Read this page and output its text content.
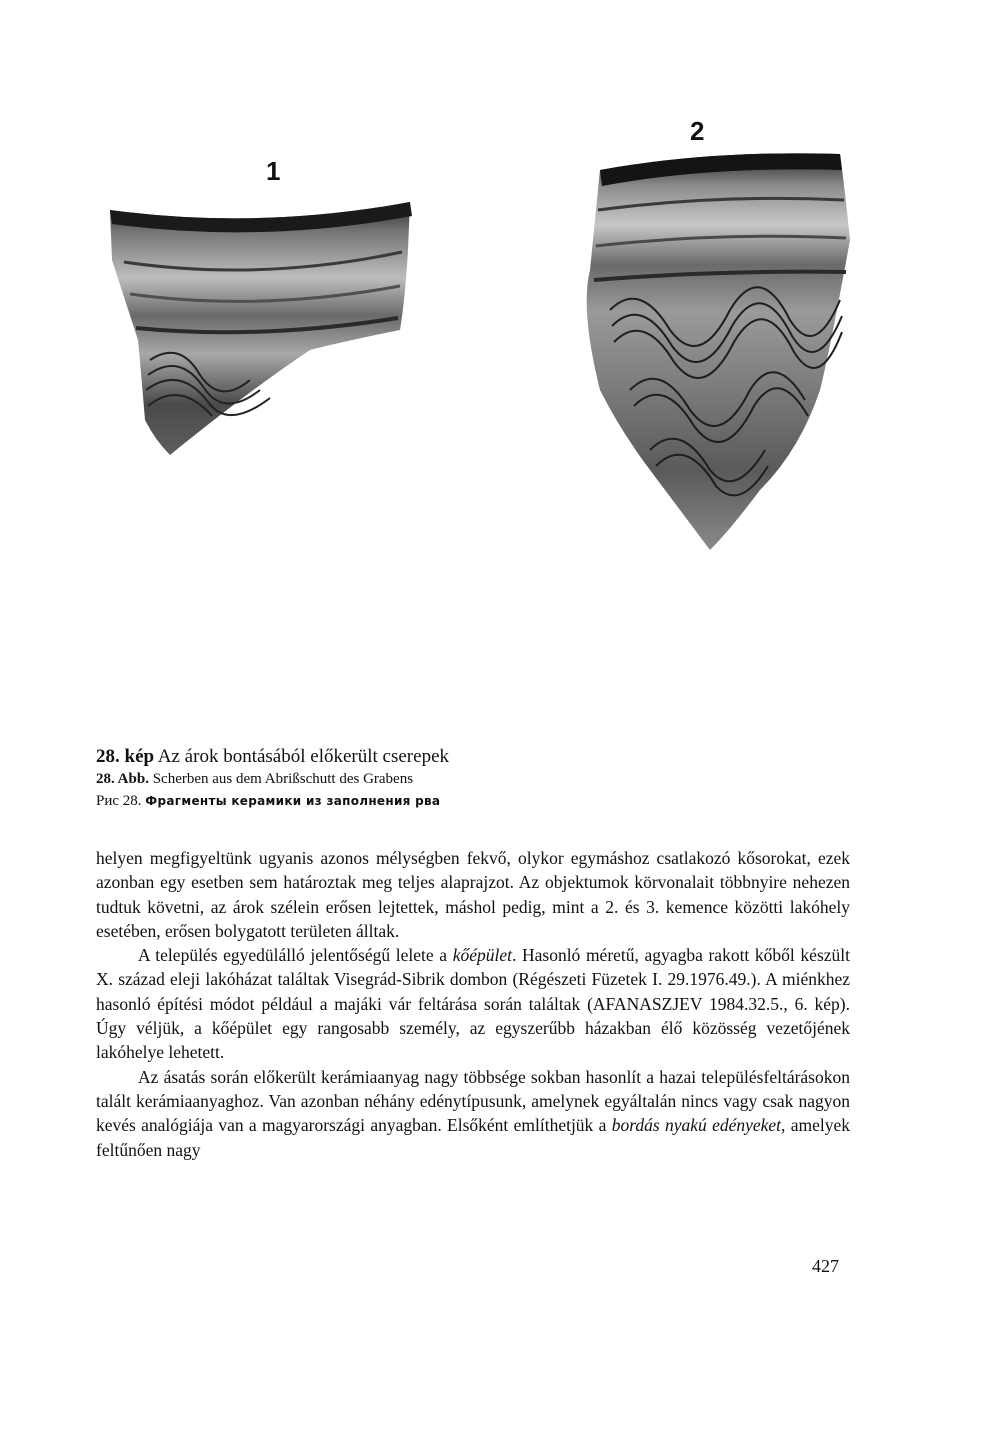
1
2
28. kép Az árok bontásából előkerült cserepek
28. Abb. Scherben aus dem Abrißschutt des Grabens
Рис 28. Фрагменты керамики из заполнения рва

helyen megfigyeltünk ugyanis azonos mélységben fekvő, olykor egymáshoz csatlakozó kősorokat, ezek azonban egy esetben sem határoztak meg teljes alaprajzot. Az objektumok körvonalait többnyire nehezen tudtuk követni, az árok szélein erősen lejtettek, máshol pedig, mint a 2. és 3. kemence közötti lakóhely esetében, erősen bolygatott területen álltak.

A település egyedülálló jelentőségű lelete a kőépület. Hasonló méretű, agyagba rakott kőből készült X. század eleji lakóházat találtak Visegrád-Sibrik dombon (Régészeti Füzetek I. 29.1976.49.). A miénkhez hasonló építési módot például a majáki vár feltárása során találtak (AFANASZJEV 1984.32.5., 6. kép). Úgy véljük, a kőépület egy rangosabb személy, az egyszerűbb házakban élő közösség vezetőjének lakóhelye lehetett.

Az ásatás során előkerült kerámiaanyag nagy többsége sokban hasonlít a hazai településfeltárásokon talált kerámiaanyaghoz. Van azonban néhány edénytípusunk, amelynek egyáltalán nincs vagy csak nagyon kevés analógiája van a magyarországi anyagban. Elsőként említhetjük a bordás nyakú edényeket, amelyek feltűnően nagy

427
